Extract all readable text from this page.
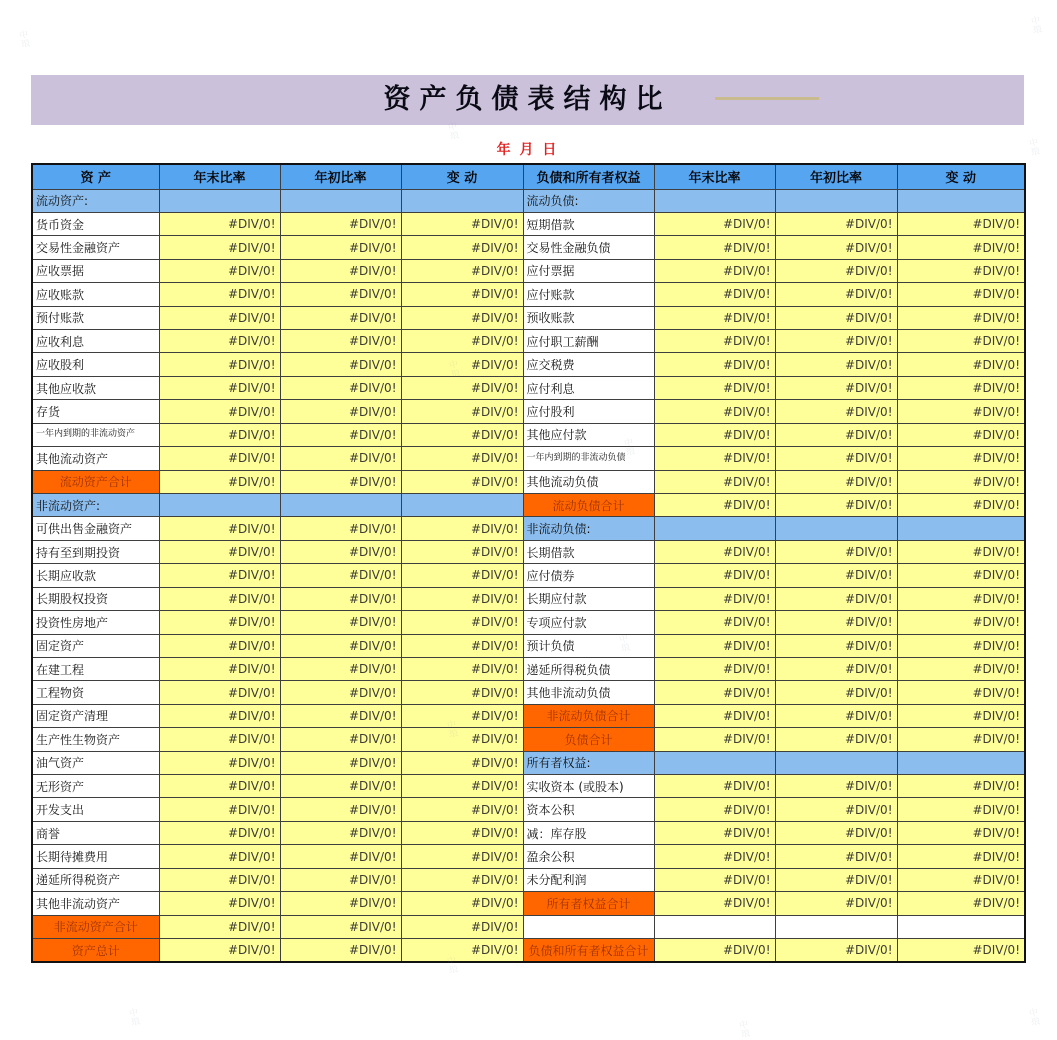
资产负债表结构比
年 月 日
资 产	年末比率	年初比率	变 动	负债和所有者权益	年末比率	年初比率	变 动
流动资产:				流动负债:			
货币资金	#DIV/0!	#DIV/0!	#DIV/0!	短期借款	#DIV/0!	#DIV/0!	#DIV/0!
交易性金融资产	#DIV/0!	#DIV/0!	#DIV/0!	交易性金融负债	#DIV/0!	#DIV/0!	#DIV/0!
应收票据	#DIV/0!	#DIV/0!	#DIV/0!	应付票据	#DIV/0!	#DIV/0!	#DIV/0!
应收账款	#DIV/0!	#DIV/0!	#DIV/0!	应付账款	#DIV/0!	#DIV/0!	#DIV/0!
预付账款	#DIV/0!	#DIV/0!	#DIV/0!	预收账款	#DIV/0!	#DIV/0!	#DIV/0!
应收利息	#DIV/0!	#DIV/0!	#DIV/0!	应付职工薪酬	#DIV/0!	#DIV/0!	#DIV/0!
应收股利	#DIV/0!	#DIV/0!	#DIV/0!	应交税费	#DIV/0!	#DIV/0!	#DIV/0!
其他应收款	#DIV/0!	#DIV/0!	#DIV/0!	应付利息	#DIV/0!	#DIV/0!	#DIV/0!
存货	#DIV/0!	#DIV/0!	#DIV/0!	应付股利	#DIV/0!	#DIV/0!	#DIV/0!
一年内到期的非流动资产	#DIV/0!	#DIV/0!	#DIV/0!	其他应付款	#DIV/0!	#DIV/0!	#DIV/0!
其他流动资产	#DIV/0!	#DIV/0!	#DIV/0!	一年内到期的非流动负债	#DIV/0!	#DIV/0!	#DIV/0!
流动资产合计	#DIV/0!	#DIV/0!	#DIV/0!	其他流动负债	#DIV/0!	#DIV/0!	#DIV/0!
非流动资产:				流动负债合计	#DIV/0!	#DIV/0!	#DIV/0!
可供出售金融资产	#DIV/0!	#DIV/0!	#DIV/0!	非流动负债:			
持有至到期投资	#DIV/0!	#DIV/0!	#DIV/0!	长期借款	#DIV/0!	#DIV/0!	#DIV/0!
长期应收款	#DIV/0!	#DIV/0!	#DIV/0!	应付债券	#DIV/0!	#DIV/0!	#DIV/0!
长期股权投资	#DIV/0!	#DIV/0!	#DIV/0!	长期应付款	#DIV/0!	#DIV/0!	#DIV/0!
投资性房地产	#DIV/0!	#DIV/0!	#DIV/0!	专项应付款	#DIV/0!	#DIV/0!	#DIV/0!
固定资产	#DIV/0!	#DIV/0!	#DIV/0!	预计负债	#DIV/0!	#DIV/0!	#DIV/0!
在建工程	#DIV/0!	#DIV/0!	#DIV/0!	递延所得税负债	#DIV/0!	#DIV/0!	#DIV/0!
工程物资	#DIV/0!	#DIV/0!	#DIV/0!	其他非流动负债	#DIV/0!	#DIV/0!	#DIV/0!
固定资产清理	#DIV/0!	#DIV/0!	#DIV/0!	非流动负债合计	#DIV/0!	#DIV/0!	#DIV/0!
生产性生物资产	#DIV/0!	#DIV/0!	#DIV/0!	负债合计	#DIV/0!	#DIV/0!	#DIV/0!
油气资产	#DIV/0!	#DIV/0!	#DIV/0!	所有者权益:			
无形资产	#DIV/0!	#DIV/0!	#DIV/0!	实收资本 (或股本)	#DIV/0!	#DIV/0!	#DIV/0!
开发支出	#DIV/0!	#DIV/0!	#DIV/0!	资本公积	#DIV/0!	#DIV/0!	#DIV/0!
商誉	#DIV/0!	#DIV/0!	#DIV/0!	减：库存股	#DIV/0!	#DIV/0!	#DIV/0!
长期待摊费用	#DIV/0!	#DIV/0!	#DIV/0!	盈余公积	#DIV/0!	#DIV/0!	#DIV/0!
递延所得税资产	#DIV/0!	#DIV/0!	#DIV/0!	未分配利润	#DIV/0!	#DIV/0!	#DIV/0!
其他非流动资产	#DIV/0!	#DIV/0!	#DIV/0!	所有者权益合计	#DIV/0!	#DIV/0!	#DIV/0!
非流动资产合计	#DIV/0!	#DIV/0!	#DIV/0!				
资产总计	#DIV/0!	#DIV/0!	#DIV/0!	负债和所有者权益合计	#DIV/0!	#DIV/0!	#DIV/0!
中琅
中琅
中琅
中琅
中琅
中琅
中琅
中琅
